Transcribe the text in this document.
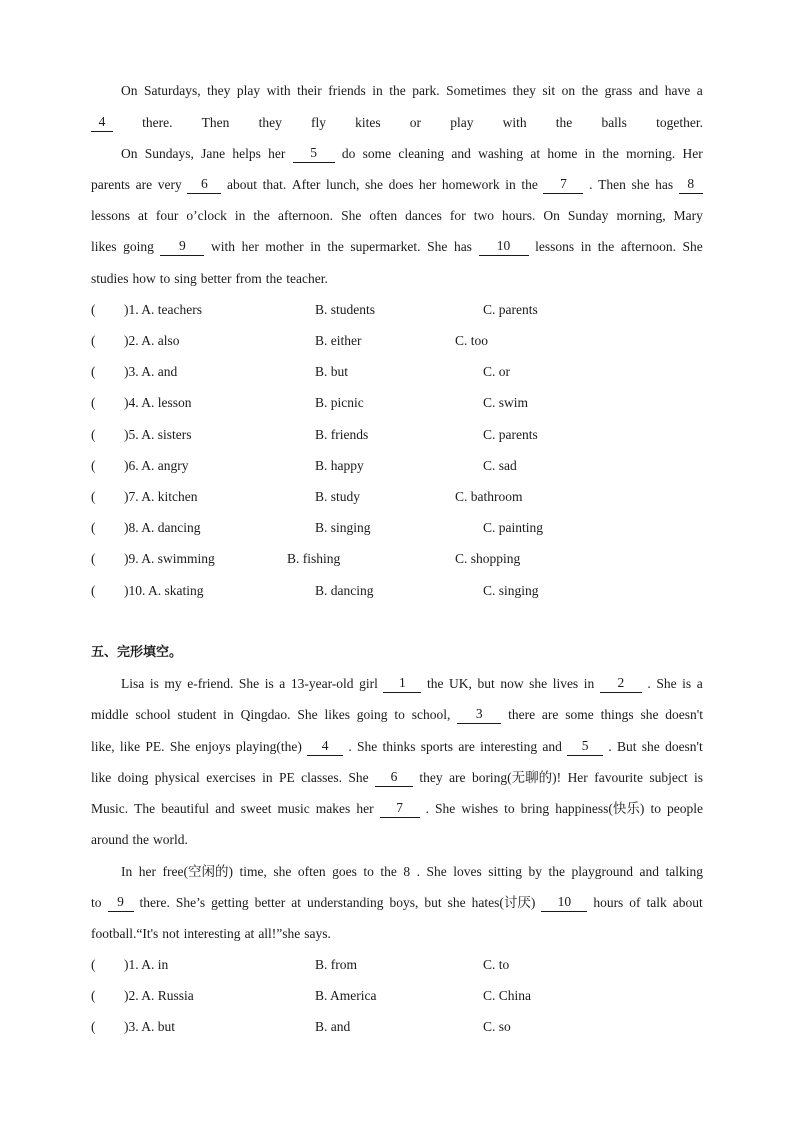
On Saturdays, they play with their friends in the park. Sometimes they sit on the grass and have a
4	there. Then they fly kites or play with the balls together.
On Sundays, Jane helps her	5	do some cleaning and washing at home in the morning. Her
parents are very	6	about that. After lunch, she does her homework in the	7	. Then she has	8
lessons at four o’clock in the afternoon. She often dances for two hours. On Sunday morning, Mary
likes going	9	with her mother in the supermarket. She has	10	lessons in the afternoon. She
studies how to sing better from the teacher.
( )1. A. teachers	B. students	C. parents
( )2. A. also	B. either	C. too
( )3. A. and	B. but	C. or
( )4. A. lesson	B. picnic	C. swim
( )5. A. sisters	B. friends	C. parents
( )6. A. angry	B. happy	C. sad
( )7. A. kitchen	B. study	C. bathroom
( )8. A. dancing	B. singing	C. painting
( )9. A. swimming	B. fishing	C. shopping
( )10. A. skating	B. dancing	C. singing
五、完形填空。
Lisa is my e-friend. She is a 13-year-old girl	1	the UK, but now she lives in	2	. She is a
middle school student in Qingdao. She likes going to school,	3	there are some things she doesn't
like, like PE. She enjoys playing(the)	4	. She thinks sports are interesting and	5	. But she doesn't
like doing physical exercises in PE classes. She	6	they are boring(无聊的)! Her favourite subject is
Music. The beautiful and sweet music makes her	7	. She wishes to bring happiness(快乐) to people
around the world.
In her free(空闲的) time, she often goes to the 8 . She loves sitting by the playground and talking
to	9	there. She’s getting better at understanding boys, but she hates(讨厌)	10	hours of talk about
football.“It's not interesting at all!”she says.
( )1. A. in	B. from	C. to
( )2. A. Russia	B. America	C. China
( )3. A. but	B. and	C. so
